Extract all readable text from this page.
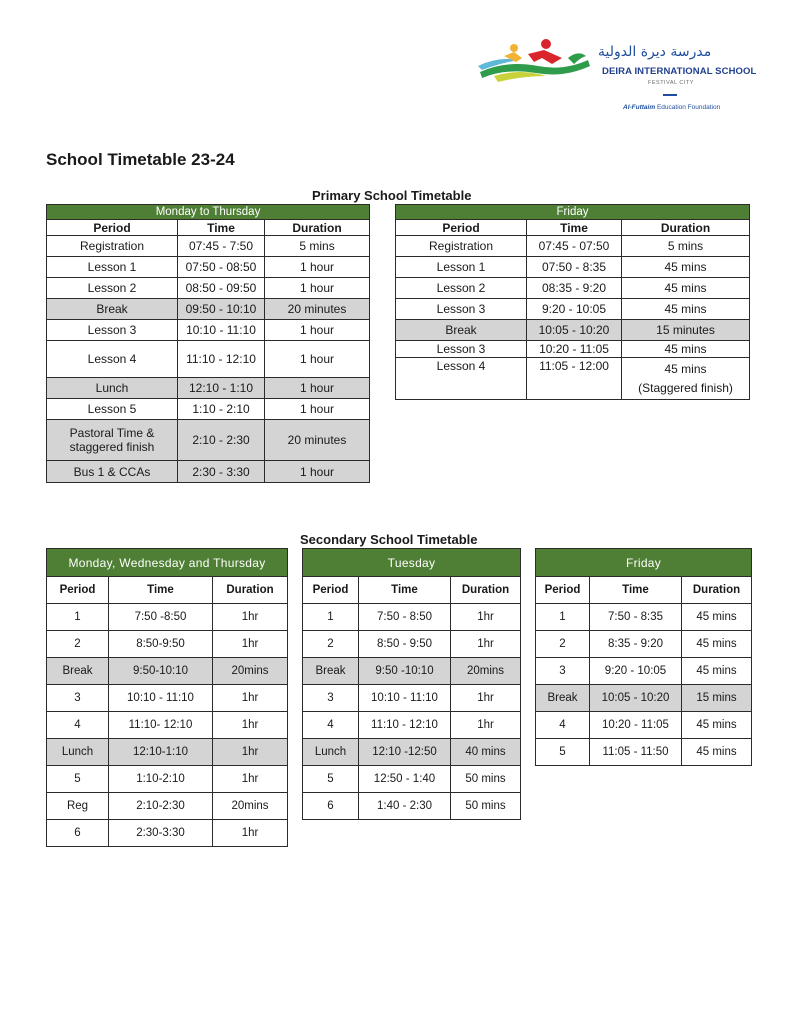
مدرسة ديرة الدولية
DEIRA INTERNATIONAL SCHOOL
FESTIVAL CITY
Al-Futtaim Education Foundation
School Timetable 23-24
Primary School Timetable
Monday to Thursday		
Period	Time	Duration
Registration	07:45 - 7:50	5 mins
Lesson 1	07:50 - 08:50	1 hour
Lesson 2	08:50 - 09:50	1 hour
Break	09:50 - 10:10	20 minutes
Lesson 3	10:10 - 11:10	1 hour
Lesson 4	11:10 - 12:10	1 hour
Lunch	12:10 - 1:10	1 hour
Lesson 5	1:10 - 2:10	1 hour
Pastoral Time & staggered finish	2:10 - 2:30	20 minutes
Bus 1 & CCAs	2:30 - 3:30	1 hour
Friday		
Period	Time	Duration
Registration	07:45 - 07:50	5 mins
Lesson 1	07:50 - 8:35	45 mins
Lesson 2	08:35 - 9:20	45 mins
Lesson 3	9:20 - 10:05	45 mins
Break	10:05 - 10:20	15 minutes
Lesson 3	10:20 - 11:05	45 mins
Lesson 4	11:05 - 12:00	45 mins
(Staggered finish)
Secondary School Timetable
Monday, Wednesday and Thursday		
Period	Time	Duration
1	7:50 -8:50	1hr
2	8:50-9:50	1hr
Break	9:50-10:10	20mins
3	10:10 - 11:10	1hr
4	11:10- 12:10	1hr
Lunch	12:10-1:10	1hr
5	1:10-2:10	1hr
Reg	2:10-2:30	20mins
6	2:30-3:30	1hr
Tuesday		
Period	Time	Duration
1	7:50 - 8:50	1hr
2	8:50 - 9:50	1hr
Break	9:50 -10:10	20mins
3	10:10 - 11:10	1hr
4	11:10 - 12:10	1hr
Lunch	12:10 -12:50	40 mins
5	12:50 - 1:40	50 mins
6	1:40 - 2:30	50 mins
Friday		
Period	Time	Duration
1	7:50 - 8:35	45 mins
2	8:35 - 9:20	45 mins
3	9:20 - 10:05	45 mins
Break	10:05 - 10:20	15 mins
4	10:20 - 11:05	45 mins
5	11:05 - 11:50	45 mins
